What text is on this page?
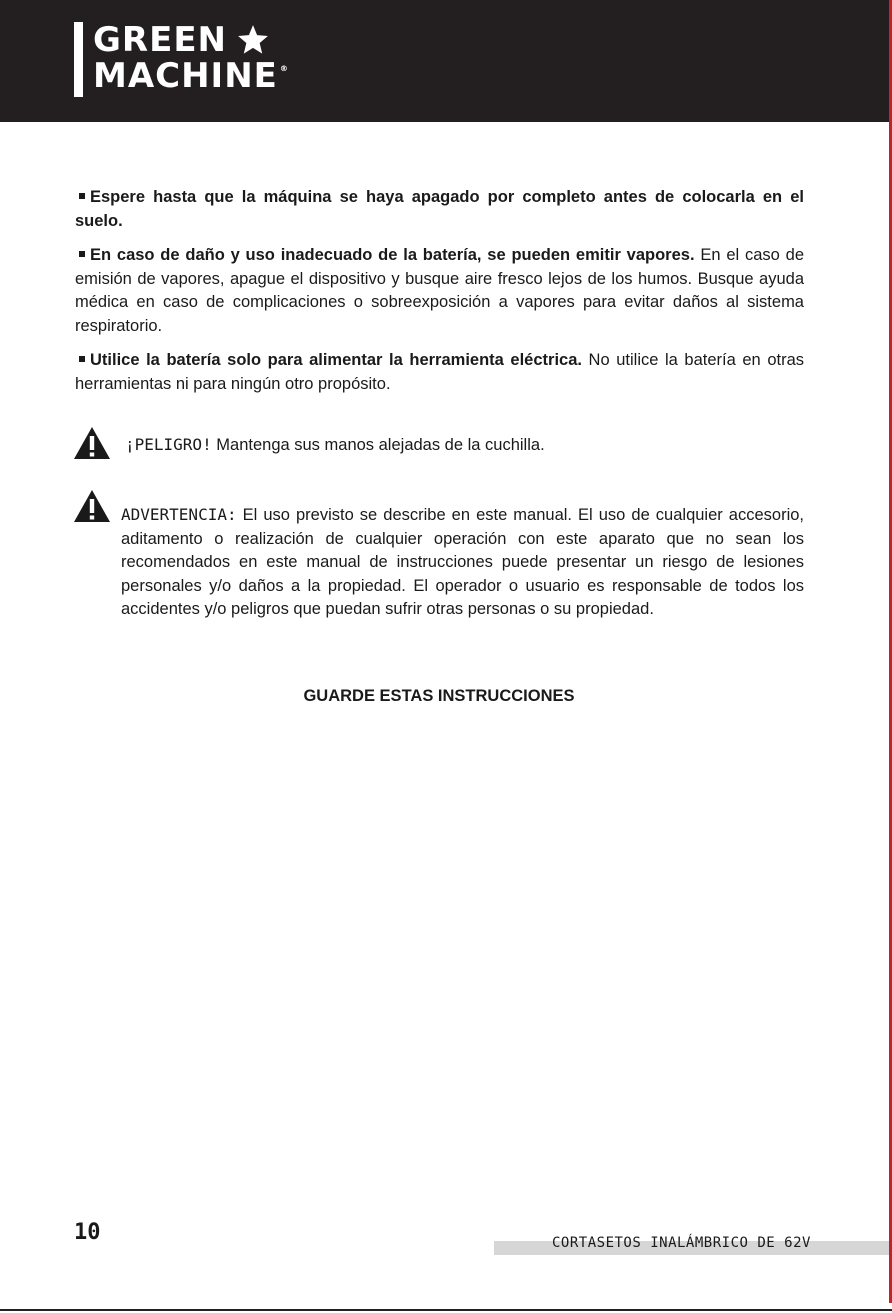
GREEN
MACHINE ®

Espere hasta que la máquina se haya apagado por completo antes de colocarla en el suelo.

En caso de daño y uso inadecuado de la batería, se pueden emitir vapores. En el caso de emisión de vapores, apague el dispositivo y busque aire fresco lejos de los humos. Busque ayuda médica en caso de complicaciones o sobreexposición a vapores para evitar daños al sistema respiratorio.

Utilice la batería solo para alimentar la herramienta eléctrica. No utilice la batería en otras herramientas ni para ningún otro propósito.

¡PELIGRO! Mantenga sus manos alejadas de la cuchilla.
ADVERTENCIA: El uso previsto se describe en este manual. El uso de cualquier accesorio, aditamento o realización de cualquier operación con este aparato que no sean los recomendados en este manual de instrucciones puede presentar un riesgo de lesiones personales y/o daños a la propiedad. El operador o usuario es responsable de todos los accidentes y/o peligros que puedan sufrir otras personas o su propiedad.
GUARDE ESTAS INSTRUCCIONES
10	CORTASETOS INALÁMBRICO DE 62V
